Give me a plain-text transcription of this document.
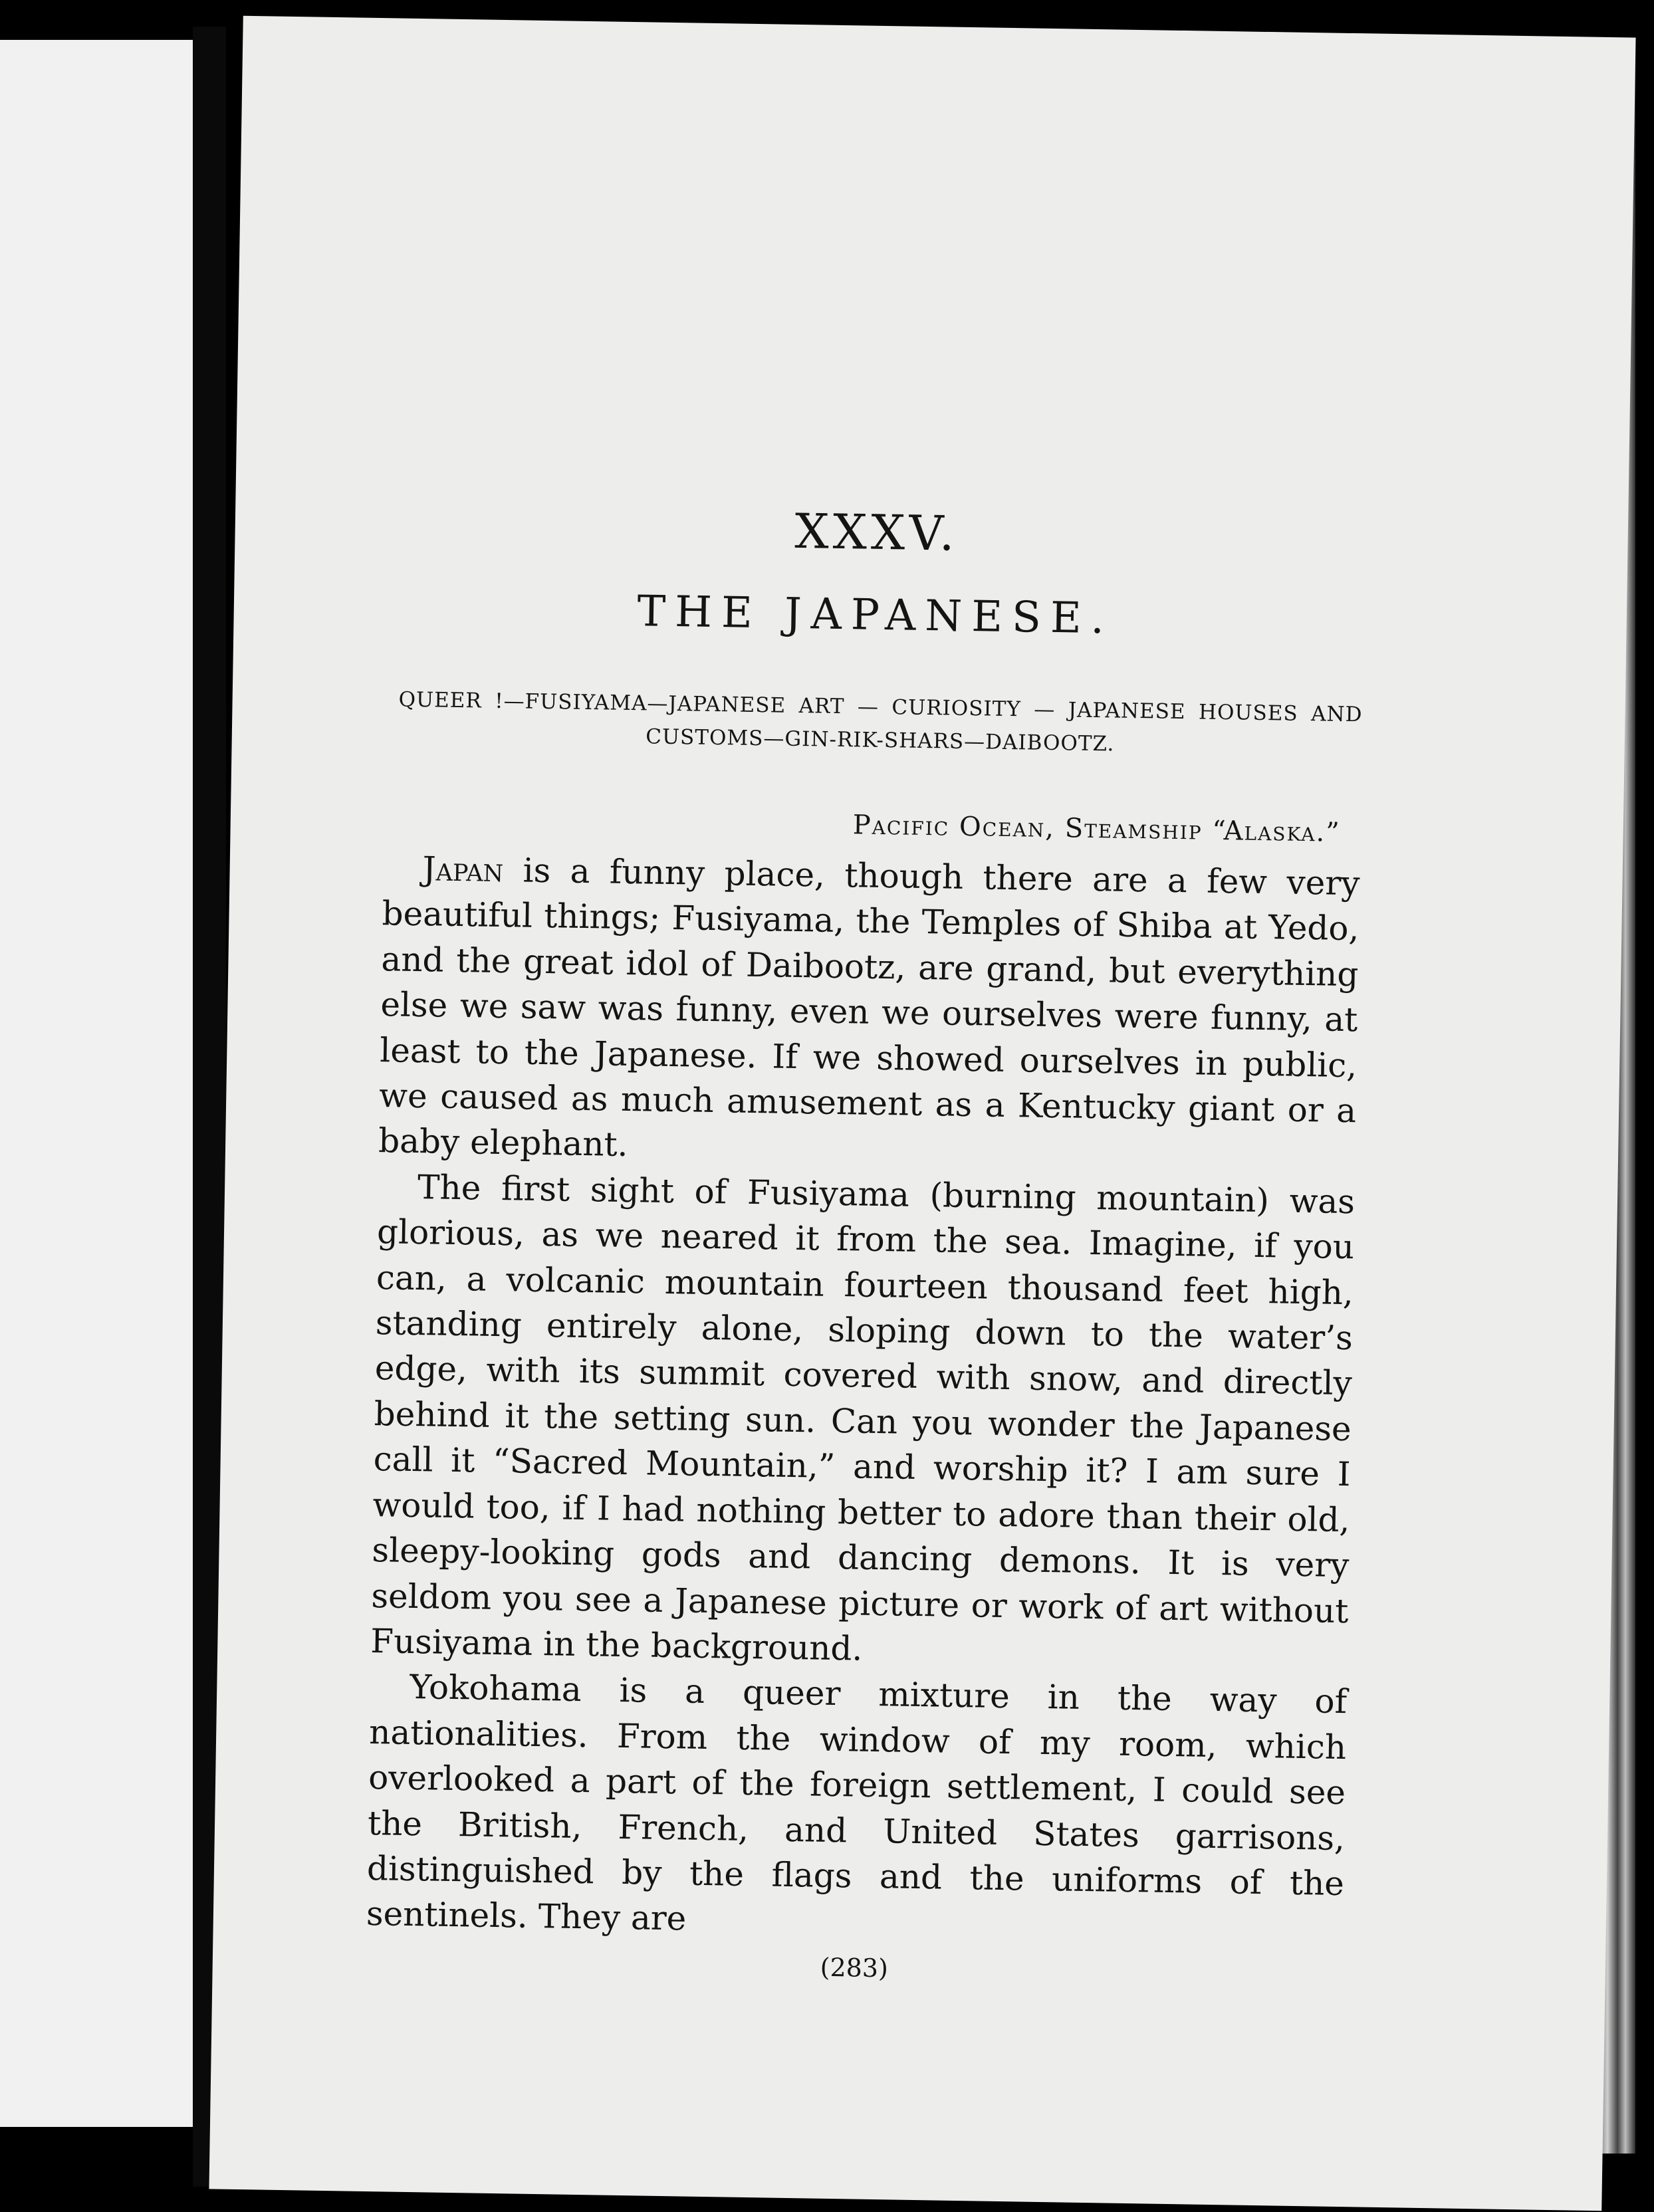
XXXV.
THE JAPANESE.
QUEER !—FUSIYAMA—JAPANESE ART — CURIOSITY — JAPANESE HOUSES AND CUSTOMS—GIN-RIK-SHARS—DAIBOOTZ.
Pacific Ocean, Steamship “Alaska.”

Japan is a funny place, though there are a few very beautiful things; Fusiyama, the Temples of Shiba at Yedo, and the great idol of Daibootz, are grand, but everything else we saw was funny, even we ourselves were funny, at least to the Japanese. If we showed ourselves in public, we caused as much amusement as a Kentucky giant or a baby elephant.

The first sight of Fusiyama (burning mountain) was glorious, as we neared it from the sea. Imagine, if you can, a volcanic mountain fourteen thousand feet high, standing entirely alone, sloping down to the water’s edge, with its summit covered with snow, and directly behind it the setting sun. Can you wonder the Japanese call it “Sacred Mountain,” and worship it? I am sure I would too, if I had nothing better to adore than their old, sleepy-looking gods and dancing demons. It is very seldom you see a Japanese picture or work of art without Fusiyama in the background.

Yokohama is a queer mixture in the way of nationalities. From the window of my room, which overlooked a part of the foreign settlement, I could see the British, French, and United States garrisons, distinguished by the flags and the uniforms of the sentinels. They are

(283)
